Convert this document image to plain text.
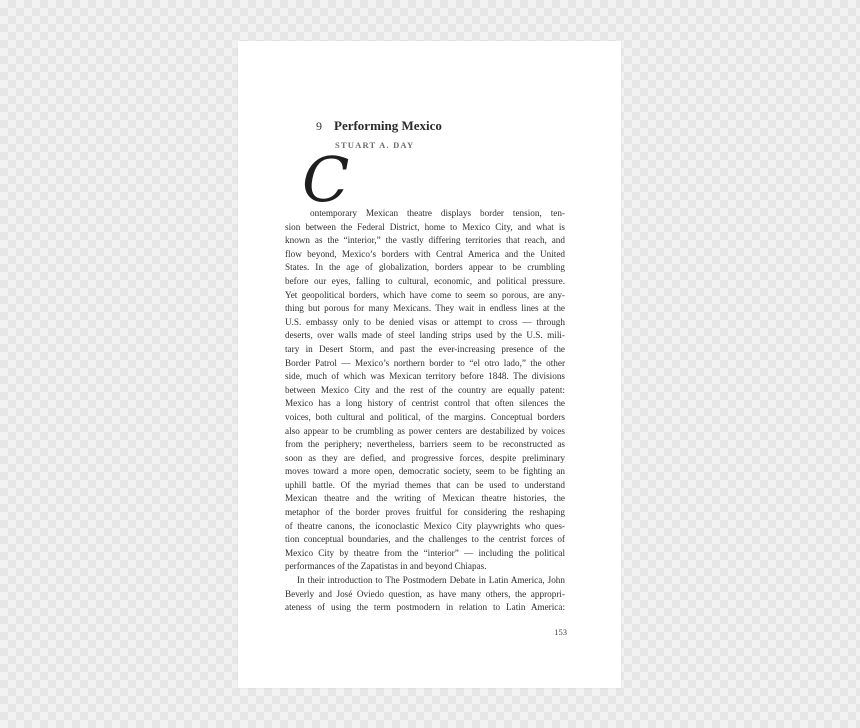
9 Performing Mexico
STUART A. DAY
C
ontemporary Mexican theatre displays border tension, ten-
sion between the Federal District, home to Mexico City, and what is
known as the “interior,” the vastly differing territories that reach, and
flow beyond, Mexico’s borders with Central America and the United
States. In the age of globalization, borders appear to be crumbling
before our eyes, falling to cultural, economic, and political pressure.
Yet geopolitical borders, which have come to seem so porous, are any-
thing but porous for many Mexicans. They wait in endless lines at the
U.S. embassy only to be denied visas or attempt to cross — through
deserts, over walls made of steel landing strips used by the U.S. mili-
tary in Desert Storm, and past the ever-increasing presence of the
Border Patrol — Mexico’s northern border to “el otro lado,” the other
side, much of which was Mexican territory before 1848. The divisions
between Mexico City and the rest of the country are equally patent:
Mexico has a long history of centrist control that often silences the
voices, both cultural and political, of the margins. Conceptual borders
also appear to be crumbling as power centers are destabilized by voices
from the periphery; nevertheless, barriers seem to be reconstructed as
soon as they are defied, and progressive forces, despite preliminary
moves toward a more open, democratic society, seem to be fighting an
uphill battle. Of the myriad themes that can be used to understand
Mexican theatre and the writing of Mexican theatre histories, the
metaphor of the border proves fruitful for considering the reshaping
of theatre canons, the iconoclastic Mexico City playwrights who ques-
tion conceptual boundaries, and the challenges to the centrist forces of
Mexico City by theatre from the “interior” — including the political
performances of the Zapatistas in and beyond Chiapas.
In their introduction to The Postmodern Debate in Latin America, John
Beverly and José Oviedo question, as have many others, the appropri-
ateness of using the term postmodern in relation to Latin America:
153
